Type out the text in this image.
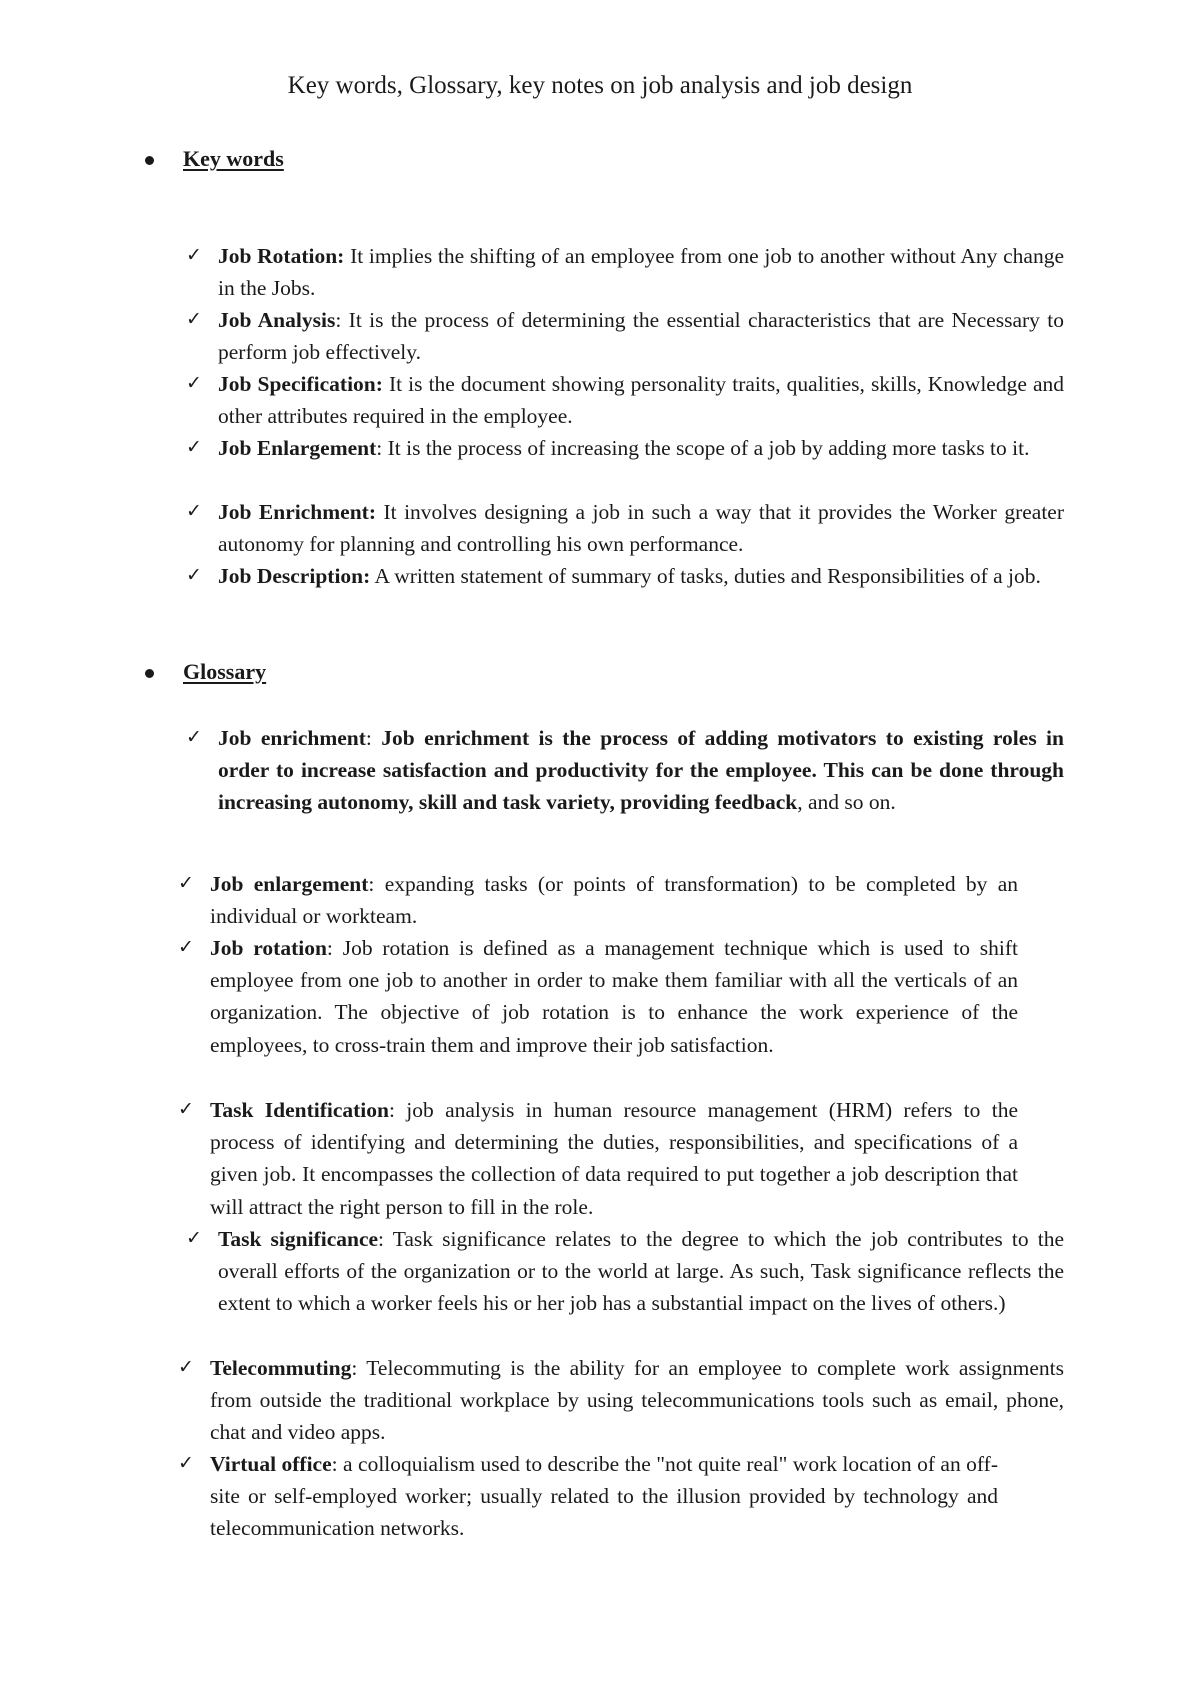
Key words, Glossary, key notes on job analysis and job design
Key words
✓ Job Rotation: It implies the shifting of an employee from one job to another without Any change in the Jobs.
✓ Job Analysis: It is the process of determining the essential characteristics that are Necessary to perform job effectively.
✓ Job Specification: It is the document showing personality traits, qualities, skills, Knowledge and other attributes required in the employee.
✓ Job Enlargement: It is the process of increasing the scope of a job by adding more tasks to it.
✓ Job Enrichment: It involves designing a job in such a way that it provides the Worker greater autonomy for planning and controlling his own performance.
✓ Job Description: A written statement of summary of tasks, duties and Responsibilities of a job.
Glossary
✓ Job enrichment: Job enrichment is the process of adding motivators to existing roles in order to increase satisfaction and productivity for the employee. This can be done through increasing autonomy, skill and task variety, providing feedback, and so on.
✓ Job enlargement: expanding tasks (or points of transformation) to be completed by an individual or workteam.
✓ Job rotation: Job rotation is defined as a management technique which is used to shift employee from one job to another in order to make them familiar with all the verticals of an organization. The objective of job rotation is to enhance the work experience of the employees, to cross-train them and improve their job satisfaction.
✓ Task Identification: job analysis in human resource management (HRM) refers to the process of identifying and determining the duties, responsibilities, and specifications of a given job. It encompasses the collection of data required to put together a job description that will attract the right person to fill in the role.
✓ Task significance: Task significance relates to the degree to which the job contributes to the overall efforts of the organization or to the world at large. As such, Task significance reflects the extent to which a worker feels his or her job has a substantial impact on the lives of others.)
✓ Telecommuting: Telecommuting is the ability for an employee to complete work assignments from outside the traditional workplace by using telecommunications tools such as email, phone, chat and video apps.
✓ Virtual office: a colloquialism used to describe the "not quite real" work location of an off-site or self-employed worker; usually related to the illusion provided by technology and telecommunication networks.
